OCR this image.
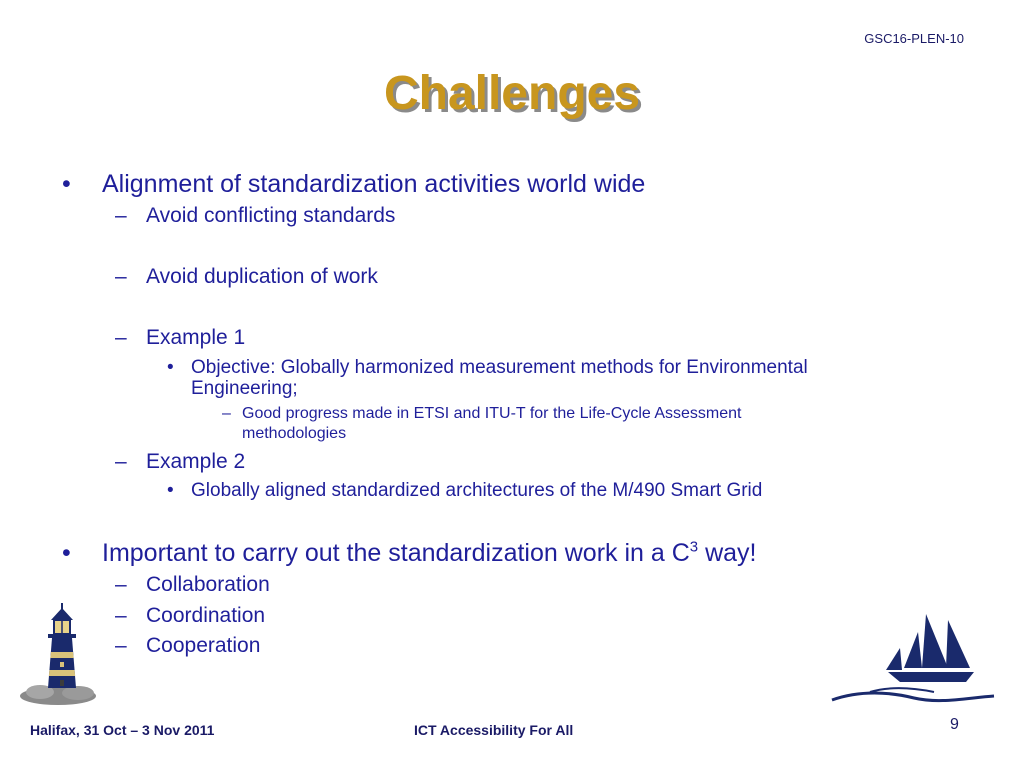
GSC16-PLEN-10
Challenges
• Alignment of standardization activities world wide
– Avoid conflicting standards
– Avoid duplication of work
– Example 1
• Objective: Globally harmonized measurement methods for Environmental
Engineering;
– Good progress made in ETSI and ITU-T for the Life-Cycle Assessment
methodologies
– Example 2
• Globally aligned standardized architectures of the M/490 Smart Grid
• Important to carry out the standardization work in a $C^3$ way!
– Collaboration
– Coordination
– Cooperation
Halifax, 31 Oct – 3 Nov 2011	ICT Accessibility For All	9
